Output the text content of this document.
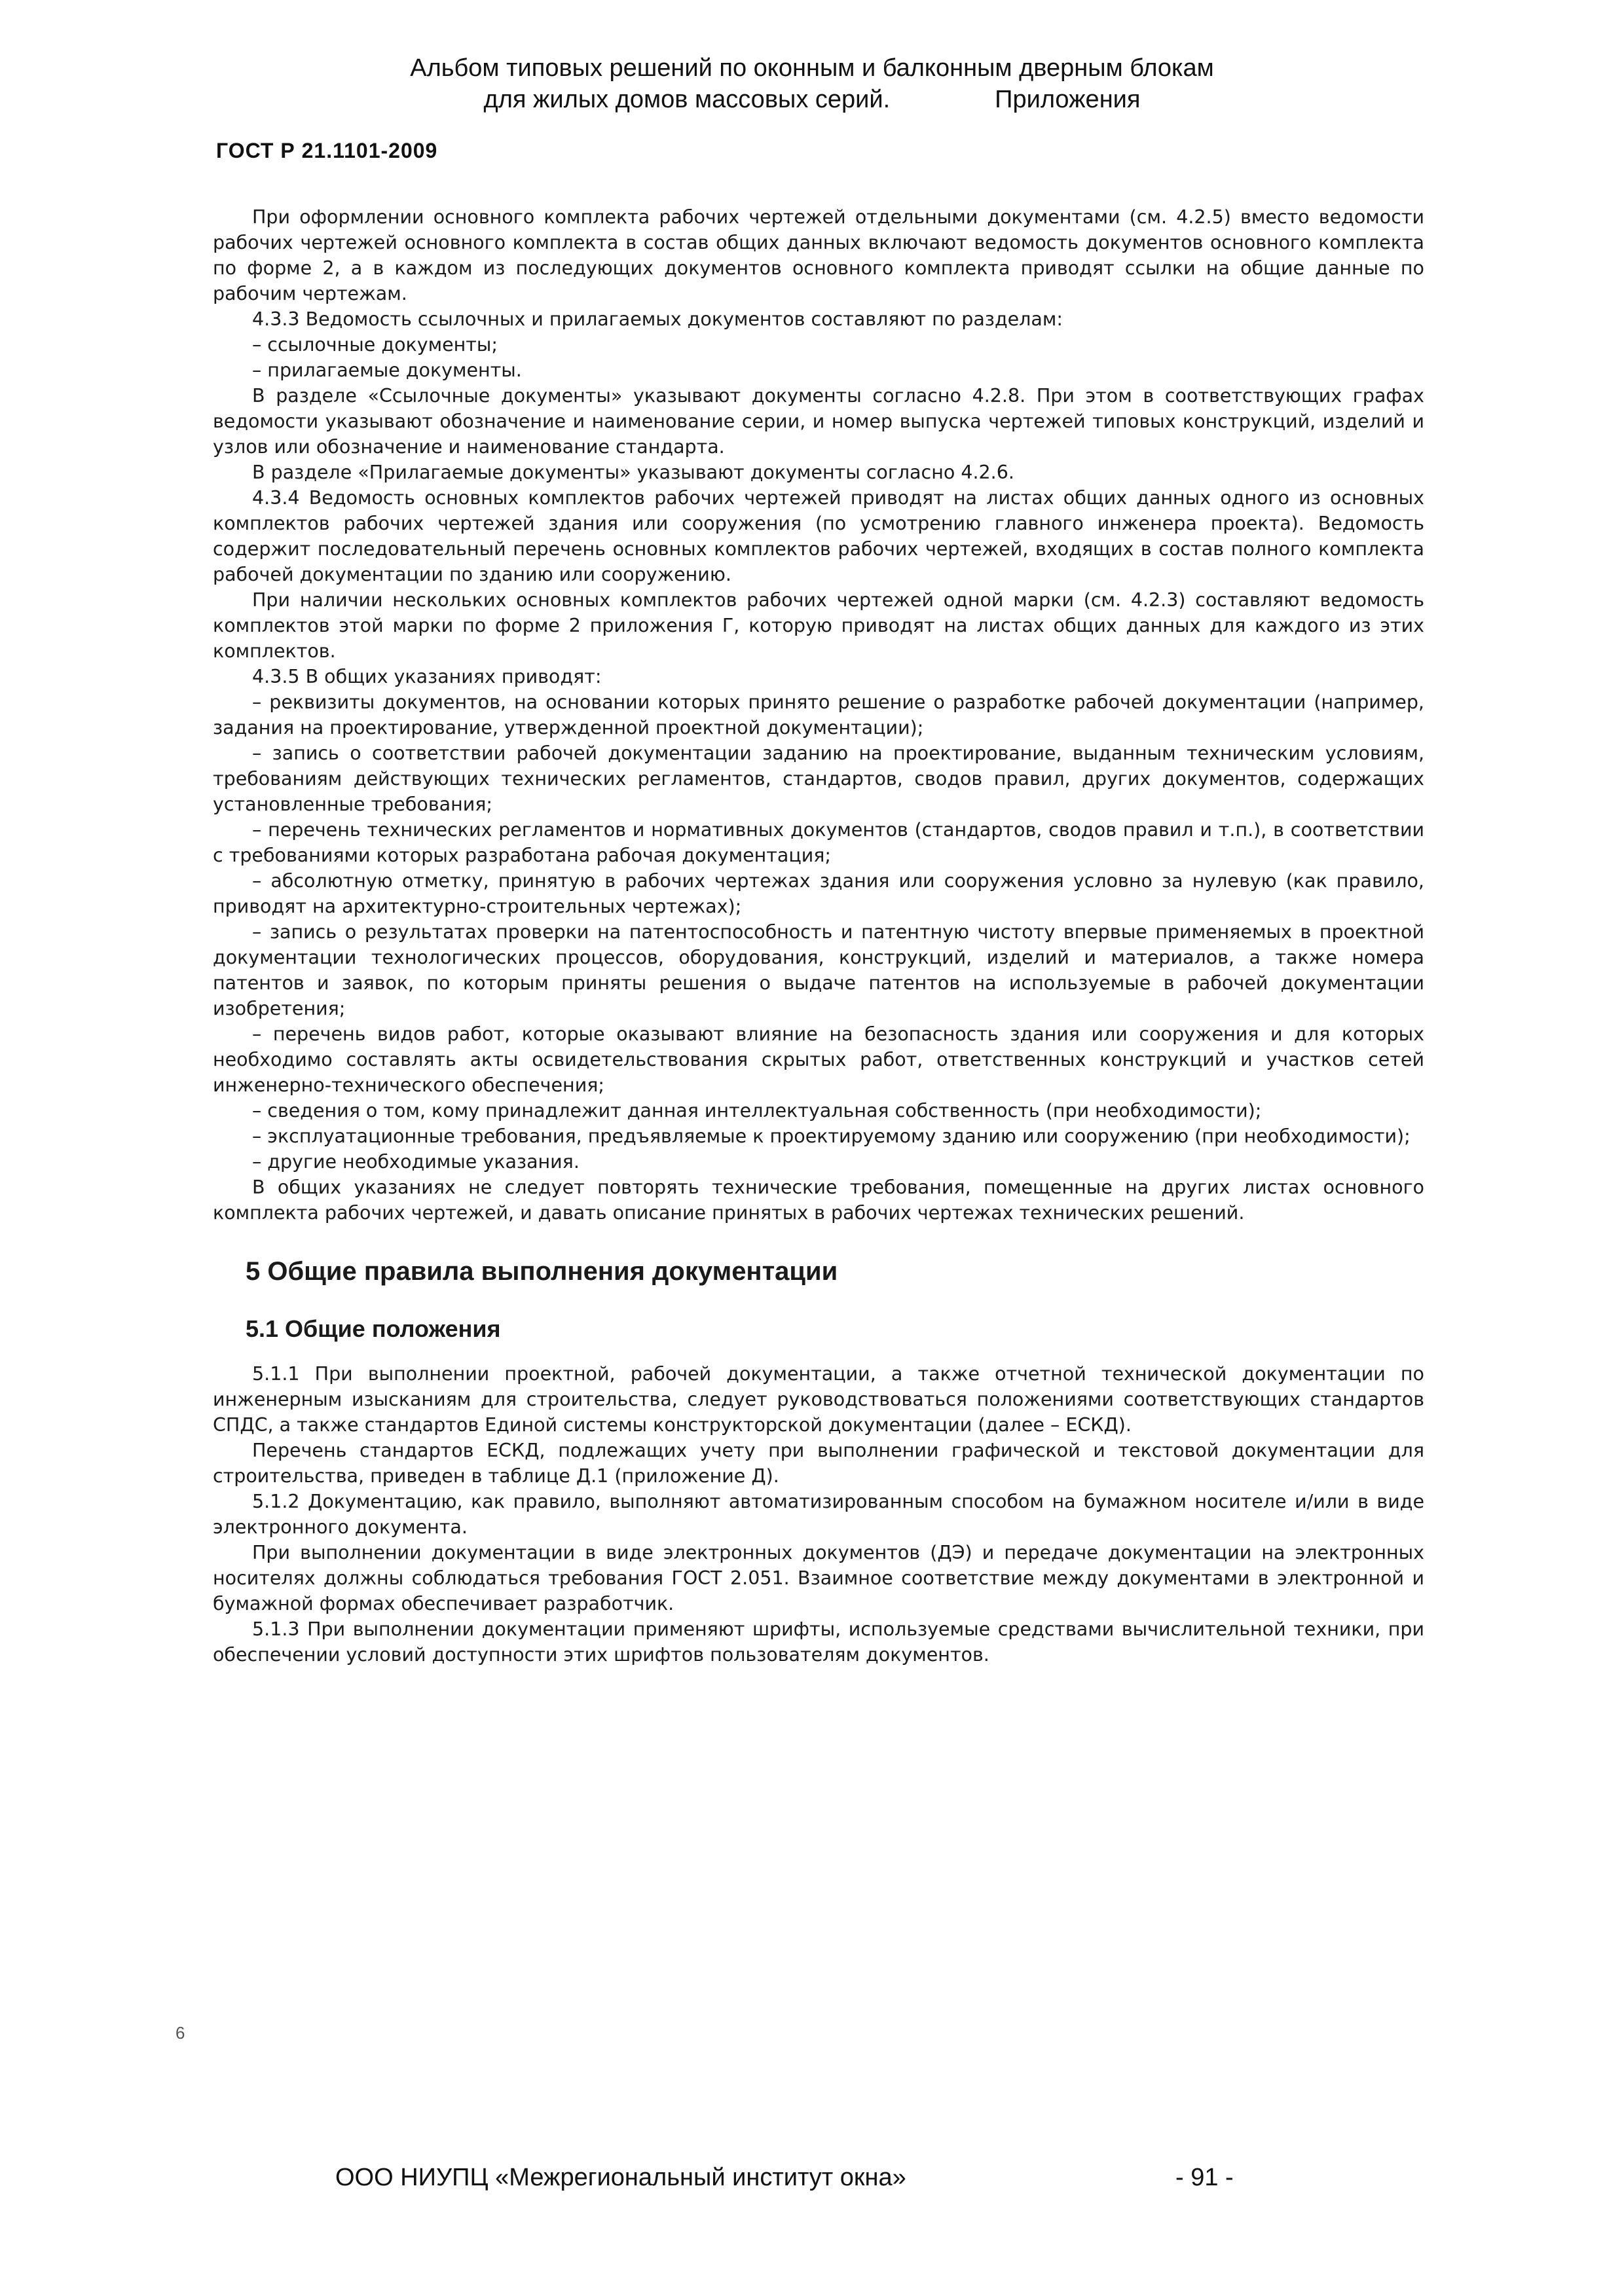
Альбом типовых решений по оконным и балконным дверным блокам
для жилых домов массовых серий.	Приложения
ГОСТ Р 21.1101-2009

При оформлении основного комплекта рабочих чертежей отдельными документами (см. 4.2.5) вместо ведомости рабочих чертежей основного комплекта в состав общих данных включают ведомость документов основного комплекта по форме 2, а в каждом из последующих документов основного комплекта приводят ссылки на общие данные по рабочим чертежам.

4.3.3 Ведомость ссылочных и прилагаемых документов составляют по разделам:

– ссылочные документы;

– прилагаемые документы.

В разделе «Ссылочные документы» указывают документы согласно 4.2.8. При этом в соответствующих графах ведомости указывают обозначение и наименование серии, и номер выпуска чертежей типовых конструкций, изделий и узлов или обозначение и наименование стандарта.

В разделе «Прилагаемые документы» указывают документы согласно 4.2.6.

4.3.4 Ведомость основных комплектов рабочих чертежей приводят на листах общих данных одного из основных комплектов рабочих чертежей здания или сооружения (по усмотрению главного инженера проекта). Ведомость содержит последовательный перечень основных комплектов рабочих чертежей, входящих в состав полного комплекта рабочей документации по зданию или сооружению.

При наличии нескольких основных комплектов рабочих чертежей одной марки (см. 4.2.3) составляют ведомость комплектов этой марки по форме 2 приложения Г, которую приводят на листах общих данных для каждого из этих комплектов.

4.3.5 В общих указаниях приводят:

– реквизиты документов, на основании которых принято решение о разработке рабочей документации (например, задания на проектирование, утвержденной проектной документации);

– запись о соответствии рабочей документации заданию на проектирование, выданным техническим условиям, требованиям действующих технических регламентов, стандартов, сводов правил, других документов, содержащих установленные требования;

– перечень технических регламентов и нормативных документов (стандартов, сводов правил и т.п.), в соответствии с требованиями которых разработана рабочая документация;

– абсолютную отметку, принятую в рабочих чертежах здания или сооружения условно за нулевую (как правило, приводят на архитектурно-строительных чертежах);

– запись о результатах проверки на патентоспособность и патентную чистоту впервые применяемых в проектной документации технологических процессов, оборудования, конструкций, изделий и материалов, а также номера патентов и заявок, по которым приняты решения о выдаче патентов на используемые в рабочей документации изобретения;

– перечень видов работ, которые оказывают влияние на безопасность здания или сооружения и для которых необходимо составлять акты освидетельствования скрытых работ, ответственных конструкций и участков сетей инженерно-технического обеспечения;

– сведения о том, кому принадлежит данная интеллектуальная собственность (при необходимости);

– эксплуатационные требования, предъявляемые к проектируемому зданию или сооружению (при необходимости);

– другие необходимые указания.

В общих указаниях не следует повторять технические требования, помещенные на других листах основного комплекта рабочих чертежей, и давать описание принятых в рабочих чертежах технических решений.

5 Общие правила выполнения документации
5.1 Общие положения

5.1.1 При выполнении проектной, рабочей документации, а также отчетной технической документации по инженерным изысканиям для строительства, следует руководствоваться положениями соответствующих стандартов СПДС, а также стандартов Единой системы конструкторской документации (далее – ЕСКД).

Перечень стандартов ЕСКД, подлежащих учету при выполнении графической и текстовой документации для строительства, приведен в таблице Д.1 (приложение Д).

5.1.2 Документацию, как правило, выполняют автоматизированным способом на бумажном носителе и/или в виде электронного документа.

При выполнении документации в виде электронных документов (ДЭ) и передаче документации на электронных носителях должны соблюдаться требования ГОСТ 2.051. Взаимное соответствие между документами в электронной и бумажной формах обеспечивает разработчик.

5.1.3 При выполнении документации применяют шрифты, используемые средствами вычислительной техники, при обеспечении условий доступности этих шрифтов пользователям документов.

6
ООО НИУПЦ «Межрегиональный институт окна»	- 91 -
